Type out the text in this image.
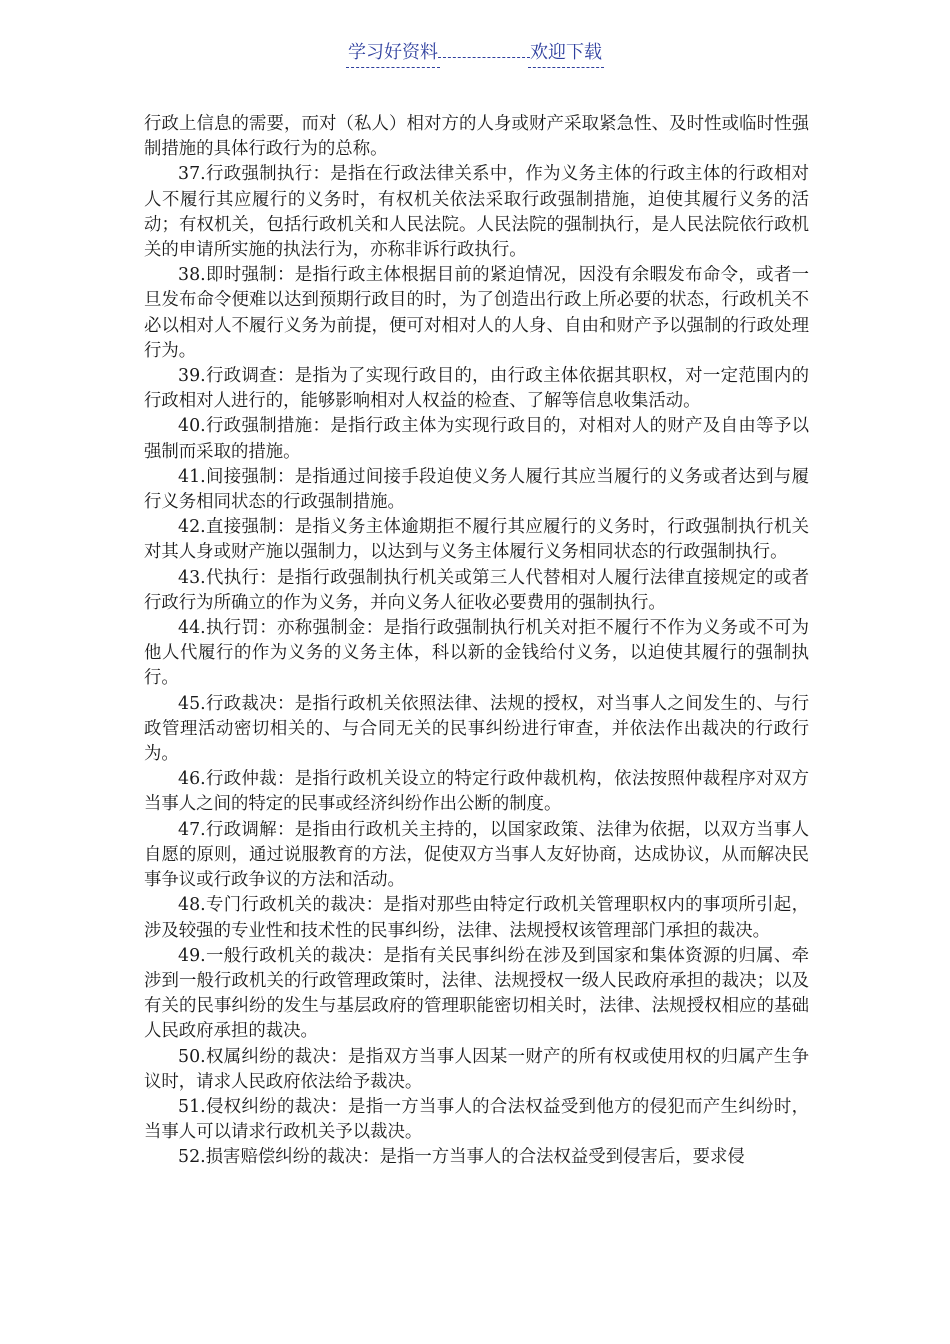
学习好资料	欢迎下载

行政上信息的需要，而对（私人）相对方的人身或财产采取紧急性、及时性或临时性强制措施的具体行政行为的总称。

37.行政强制执行：是指在行政法律关系中，作为义务主体的行政主体的行政相对人不履行其应履行的义务时，有权机关依法采取行政强制措施，迫使其履行义务的活动；有权机关，包括行政机关和人民法院。人民法院的强制执行，是人民法院依行政机关的申请所实施的执法行为，亦称非诉行政执行。

38.即时强制：是指行政主体根据目前的紧迫情况，因没有余暇发布命令，或者一旦发布命令便难以达到预期行政目的时，为了创造出行政上所必要的状态，行政机关不必以相对人不履行义务为前提，便可对相对人的人身、自由和财产予以强制的行政处理行为。

39.行政调查：是指为了实现行政目的，由行政主体依据其职权，对一定范围内的行政相对人进行的，能够影响相对人权益的检查、了解等信息收集活动。

40.行政强制措施：是指行政主体为实现行政目的，对相对人的财产及自由等予以强制而采取的措施。

41.间接强制：是指通过间接手段迫使义务人履行其应当履行的义务或者达到与履行义务相同状态的行政强制措施。

42.直接强制：是指义务主体逾期拒不履行其应履行的义务时，行政强制执行机关对其人身或财产施以强制力，以达到与义务主体履行义务相同状态的行政强制执行。

43.代执行：是指行政强制执行机关或第三人代替相对人履行法律直接规定的或者行政行为所确立的作为义务，并向义务人征收必要费用的强制执行。

44.执行罚：亦称强制金：是指行政强制执行机关对拒不履行不作为义务或不可为他人代履行的作为义务的义务主体，科以新的金钱给付义务，以迫使其履行的强制执行。

45.行政裁决：是指行政机关依照法律、法规的授权，对当事人之间发生的、与行政管理活动密切相关的、与合同无关的民事纠纷进行审查，并依法作出裁决的行政行为。

46.行政仲裁：是指行政机关设立的特定行政仲裁机构，依法按照仲裁程序对双方当事人之间的特定的民事或经济纠纷作出公断的制度。

47.行政调解：是指由行政机关主持的，以国家政策、法律为依据，以双方当事人自愿的原则，通过说服教育的方法，促使双方当事人友好协商，达成协议，从而解决民事争议或行政争议的方法和活动。

48.专门行政机关的裁决：是指对那些由特定行政机关管理职权内的事项所引起，涉及较强的专业性和技术性的民事纠纷，法律、法规授权该管理部门承担的裁决。

49.一般行政机关的裁决：是指有关民事纠纷在涉及到国家和集体资源的归属、牵涉到一般行政机关的行政管理政策时，法律、法规授权一级人民政府承担的裁决；以及有关的民事纠纷的发生与基层政府的管理职能密切相关时，法律、法规授权相应的基础人民政府承担的裁决。

50.权属纠纷的裁决：是指双方当事人因某一财产的所有权或使用权的归属产生争议时，请求人民政府依法给予裁决。

51.侵权纠纷的裁决：是指一方当事人的合法权益受到他方的侵犯而产生纠纷时，当事人可以请求行政机关予以裁决。

52.损害赔偿纠纷的裁决：是指一方当事人的合法权益受到侵害后，要求侵
